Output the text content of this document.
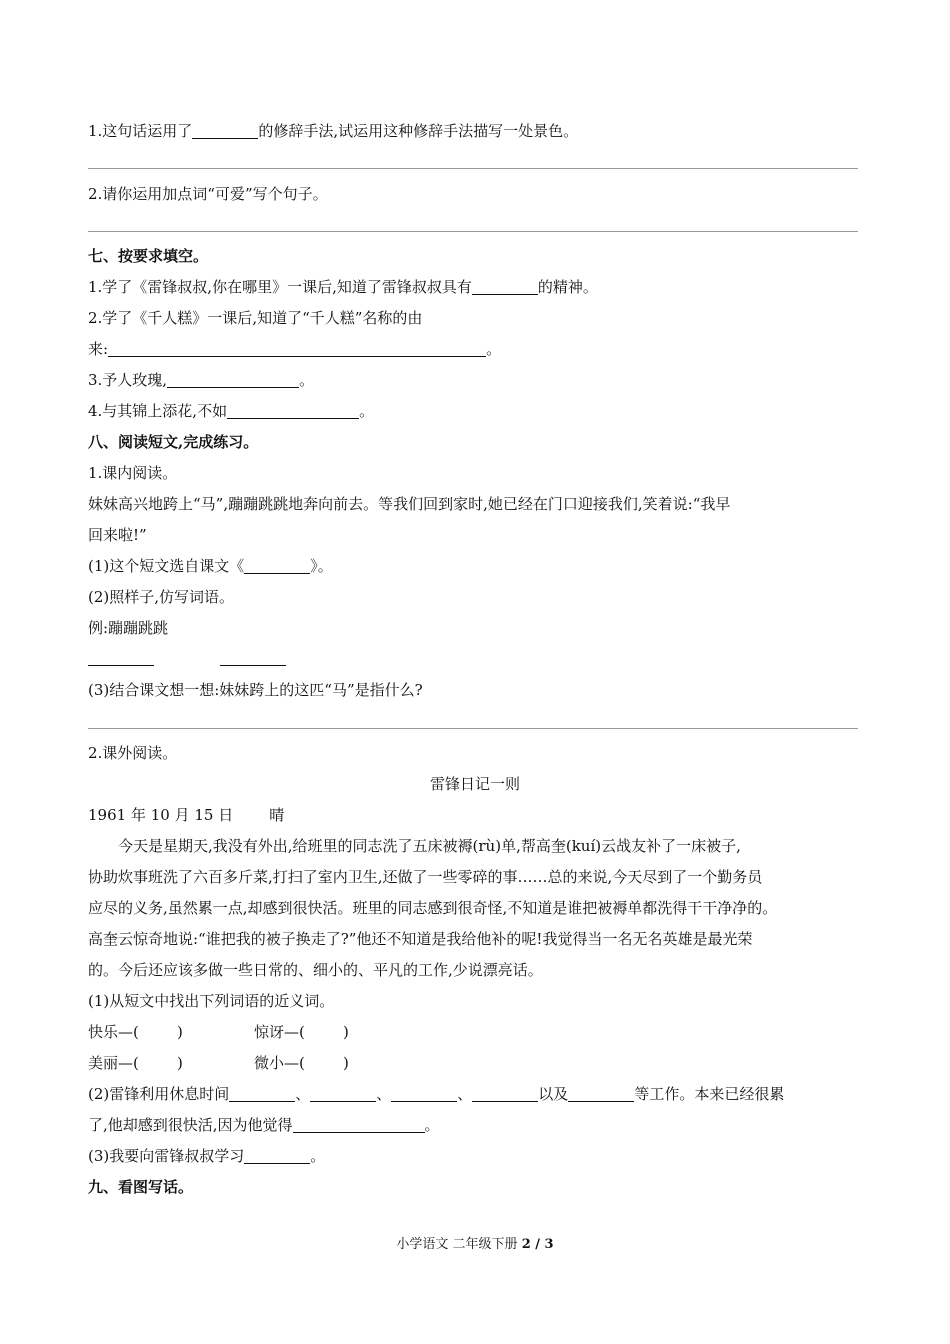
1.这句话运用了	的修辞手法,试运用这种修辞手法描写一处景色。
2.请你运用加点词“可爱”写个句子。
七、按要求填空。
1.学了《雷锋叔叔,你在哪里》一课后,知道了雷锋叔叔具有	的精神。
2.学了《千人糕》一课后,知道了“千人糕”名称的由
来:	。
3.予人玫瑰,	。
4.与其锦上添花,不如	。
八、阅读短文,完成练习。
1.课内阅读。
妹妹高兴地跨上“马”,蹦蹦跳跳地奔向前去。等我们回到家时,她已经在门口迎接我们,笑着说:“我早
回来啦!”
(1)这个短文选自课文《	》。
(2)照样子,仿写词语。
例:蹦蹦跳跳
(3)结合课文想一想:妹妹跨上的这匹“马”是指什么?
2.课外阅读。
雷锋日记一则
1961 年 10 月 15 日 晴
今天是星期天,我没有外出,给班里的同志洗了五床被褥(rù)单,帮高奎(kuí)云战友补了一床被子,
协助炊事班洗了六百多斤菜,打扫了室内卫生,还做了一些零碎的事……总的来说,今天尽到了一个勤务员
应尽的义务,虽然累一点,却感到很快活。班里的同志感到很奇怪,不知道是谁把被褥单都洗得干干净净的。
高奎云惊奇地说:“谁把我的被子换走了?”他还不知道是我给他补的呢!我觉得当一名无名英雄是最光荣
的。今后还应该多做一些日常的、细小的、平凡的工作,少说漂亮话。
(1)从短文中找出下列词语的近义词。
快乐—(        )	惊讶—(        )
美丽—(        )	微小—(        )
(2)雷锋利用休息时间	、	、	、	以及	等工作。本来已经很累
了,他却感到很快活,因为他觉得	。
(3)我要向雷锋叔叔学习	。
九、看图写话。
小学语文 二年级下册 2 / 3
